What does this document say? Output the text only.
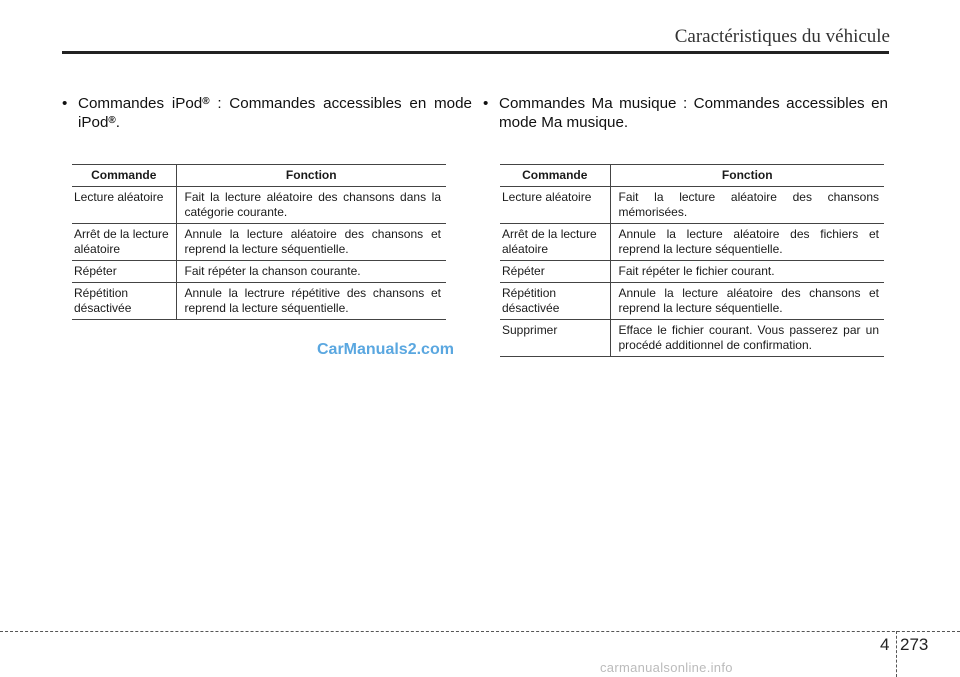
Caractéristiques du véhicule
• Commandes iPod® : Commandes accessibles en mode iPod®.
Commande	Fonction
Lecture aléatoire	Fait la lecture aléatoire des chansons dans la catégorie courante.
Arrêt de la lecture aléatoire	Annule la lecture aléatoire des chansons et reprend la lecture séquentielle.
Répéter	Fait répéter la chanson courante.
Répétition désactivée	Annule la lectrure répétitive des chansons et reprend la lecture séquentielle.
• Commandes Ma musique : Commandes accessibles en mode Ma musique.
Commande	Fonction
Lecture aléatoire	Fait la lecture aléatoire des chansons mémorisées.
Arrêt de la lecture aléatoire	Annule la lecture aléatoire des fichiers et reprend la lecture séquentielle.
Répéter	Fait répéter le fichier courant.
Répétition désactivée	Annule la lecture aléatoire des chansons et reprend la lecture séquentielle.
Supprimer	Efface le fichier courant. Vous passerez par un procédé additionnel de confirmation.
CarManuals2.com
4 273
carmanualsonline.info
